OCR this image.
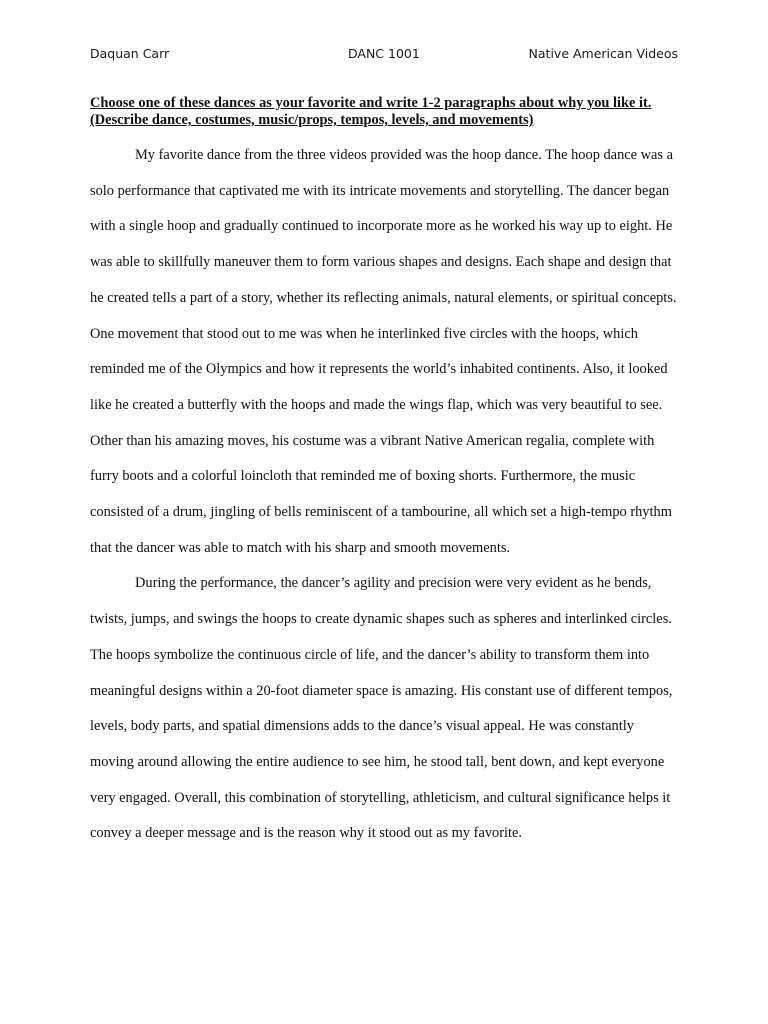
Daquan Carr	DANC 1001	Native American Videos
Choose one of these dances as your favorite and write 1-2 paragraphs about why you like it. (Describe dance, costumes, music/props, tempos, levels, and movements)

My favorite dance from the three videos provided was the hoop dance. The hoop dance was a solo performance that captivated me with its intricate movements and storytelling. The dancer began with a single hoop and gradually continued to incorporate more as he worked his way up to eight. He was able to skillfully maneuver them to form various shapes and designs. Each shape and design that he created tells a part of a story, whether its reflecting animals, natural elements, or spiritual concepts. One movement that stood out to me was when he interlinked five circles with the hoops, which reminded me of the Olympics and how it represents the world’s inhabited continents. Also, it looked like he created a butterfly with the hoops and made the wings flap, which was very beautiful to see. Other than his amazing moves, his costume was a vibrant Native American regalia, complete with furry boots and a colorful loincloth that reminded me of boxing shorts. Furthermore, the music consisted of a drum, jingling of bells reminiscent of a tambourine, all which set a high-tempo rhythm that the dancer was able to match with his sharp and smooth movements.

During the performance, the dancer’s agility and precision were very evident as he bends, twists, jumps, and swings the hoops to create dynamic shapes such as spheres and interlinked circles. The hoops symbolize the continuous circle of life, and the dancer’s ability to transform them into meaningful designs within a 20-foot diameter space is amazing. His constant use of different tempos, levels, body parts, and spatial dimensions adds to the dance’s visual appeal. He was constantly moving around allowing the entire audience to see him, he stood tall, bent down, and kept everyone very engaged. Overall, this combination of storytelling, athleticism, and cultural significance helps it convey a deeper message and is the reason why it stood out as my favorite.
